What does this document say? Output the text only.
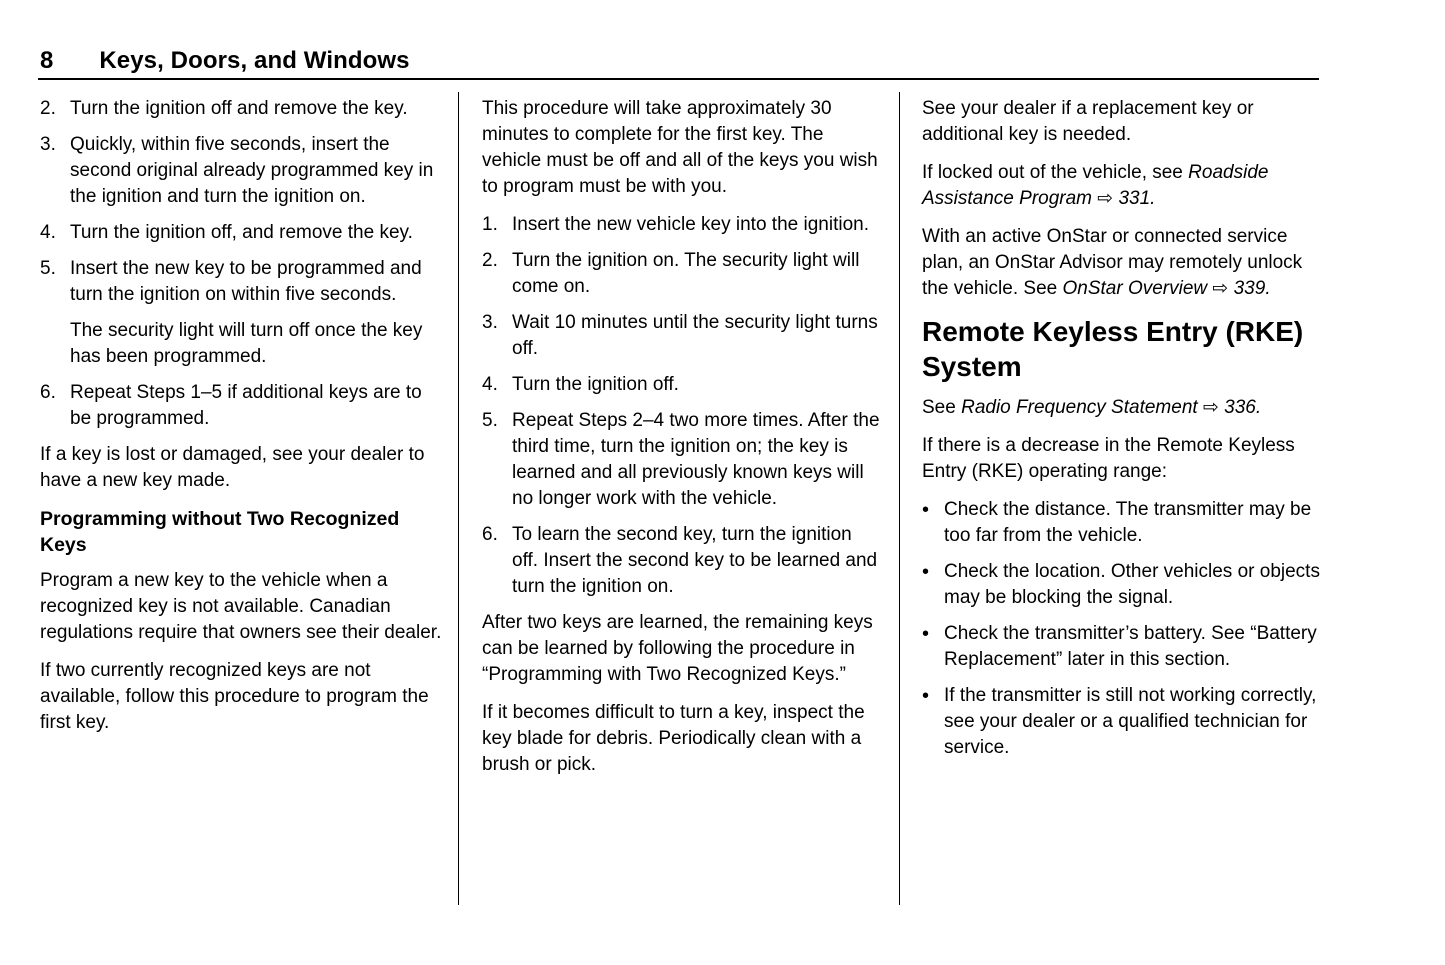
8 Keys, Doors, and Windows
2. Turn the ignition off and remove the key.
3. Quickly, within five seconds, insert the second original already programmed key in the ignition and turn the ignition on.
4. Turn the ignition off, and remove the key.
5. Insert the new key to be programmed and turn the ignition on within five seconds.
The security light will turn off once the key has been programmed.
6. Repeat Steps 1–5 if additional keys are to be programmed.

If a key is lost or damaged, see your dealer to have a new key made.

Programming without Two Recognized Keys

Program a new key to the vehicle when a recognized key is not available. Canadian regulations require that owners see their dealer.

If two currently recognized keys are not available, follow this procedure to program the first key.

This procedure will take approximately 30 minutes to complete for the first key. The vehicle must be off and all of the keys you wish to program must be with you.

1. Insert the new vehicle key into the ignition.
2. Turn the ignition on. The security light will come on.
3. Wait 10 minutes until the security light turns off.
4. Turn the ignition off.
5. Repeat Steps 2–4 two more times. After the third time, turn the ignition on; the key is learned and all previously known keys will no longer work with the vehicle.
6. To learn the second key, turn the ignition off. Insert the second key to be learned and turn the ignition on.

After two keys are learned, the remaining keys can be learned by following the procedure in “Programming with Two Recognized Keys.”

If it becomes difficult to turn a key, inspect the key blade for debris. Periodically clean with a brush or pick.

See your dealer if a replacement key or additional key is needed.

If locked out of the vehicle, see Roadside Assistance Program ⇨ 331.

With an active OnStar or connected service plan, an OnStar Advisor may remotely unlock the vehicle. See OnStar Overview ⇨ 339.

Remote Keyless Entry (RKE) System

See Radio Frequency Statement ⇨ 336.

If there is a decrease in the Remote Keyless Entry (RKE) operating range:

•
Check the distance. The transmitter may be too far from the vehicle.
•
Check the location. Other vehicles or objects may be blocking the signal.
•
Check the transmitter’s battery. See “Battery Replacement” later in this section.
•
If the transmitter is still not working correctly, see your dealer or a qualified technician for service.
